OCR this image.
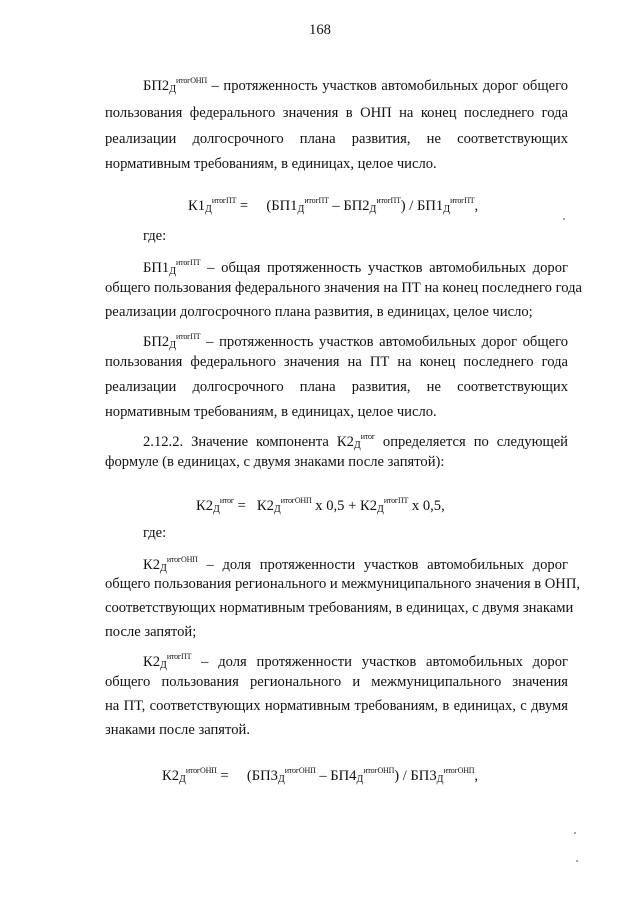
168
$БП2_Д^{итогОНП}$ – протяженность участков автомобильных дорог общего
пользования федерального значения в ОНП на конец последнего года
реализации долгосрочного плана развития, не соответствующих
нормативным требованиям, в единицах, целое число.
$К1_Д^{итогПТ}$ =     $(БП1_Д^{итогПТ} - БП2_Д^{итогПТ}) / БП1_Д^{итогПТ}$,
где:
$БП1_Д^{итогПТ}$ – общая протяженность участков автомобильных дорог
общего пользования федерального значения на ПТ на конец последнего года
реализации долгосрочного плана развития, в единицах, целое число;
$БП2_Д^{итогПТ}$ – протяженность участков автомобильных дорог общего
пользования федерального значения на ПТ на конец последнего года
реализации долгосрочного плана развития, не соответствующих
нормативным требованиям, в единицах, целое число.
2.12.2. Значение компонента $К2_Д^{итог}$ определяется по следующей
формуле (в единицах, с двумя знаками после запятой):
$К2_Д^{итог} = К2_Д^{итогОНП}$ х $0,5 + К2_Д^{итогПТ}$ х 0,5,
где:
$К2_Д^{итогОНП}$ – доля протяженности участков автомобильных дорог
общего пользования регионального и межмуниципального значения в ОНП,
соответствующих нормативным требованиям, в единицах, с двумя знаками
после запятой;
$К2_Д^{итогПТ}$ – доля протяженности участков автомобильных дорог
общего пользования регионального и межмуниципального значения
на ПТ, соответствующих нормативным требованиям, в единицах, с двумя
знаками после запятой.
$К2_Д^{итогОНП}$ =     $(БП3_Д^{итогОНП} - БП4_Д^{итогОНП}) / БП3_Д^{итогОНП}$,
